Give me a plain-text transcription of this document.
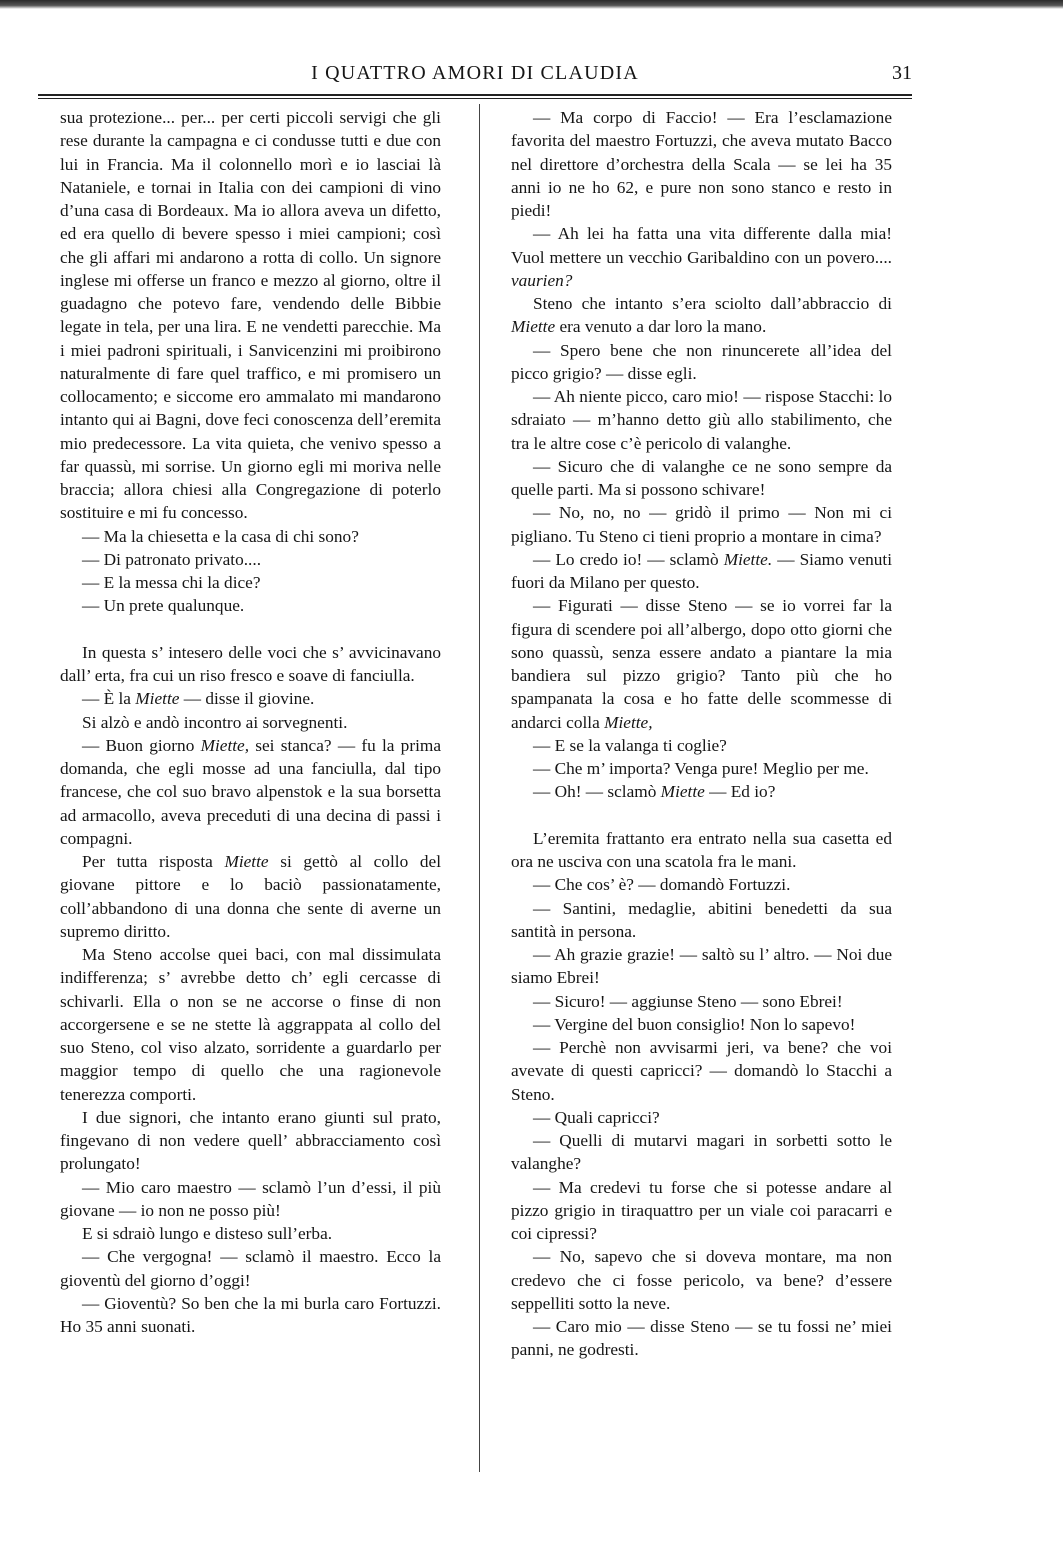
I QUATTRO AMORI DI CLAUDIA	31

sua protezione... per... per certi piccoli servigi che gli rese durante la campagna e ci condusse tutti e due con lui in Francia. Ma il colonnello morì e io lasciai là Nataniele, e tornai in Italia con dei campioni di vino d’una casa di Bordeaux. Ma io allora aveva un difetto, ed era quello di bevere spesso i miei campioni; così che gli affari mi andarono a rotta di collo. Un signore inglese mi offerse un franco e mezzo al giorno, oltre il guadagno che potevo fare, vendendo delle Bibbie legate in tela, per una lira. E ne vendetti parecchie. Ma i miei padroni spirituali, i Sanvicenzini mi proibirono naturalmente di fare quel traffico, e mi promisero un collocamento; e siccome ero ammalato mi mandarono intanto qui ai Bagni, dove feci conoscenza dell’eremita mio predecessore. La vita quieta, che venivo spesso a far quassù, mi sorrise. Un giorno egli mi moriva nelle braccia; allora chiesi alla Congregazione di poterlo sostituire e mi fu concesso.

— Ma la chiesetta e la casa di chi sono?

— Di patronato privato....

— E la messa chi la dice?

— Un prete qualunque.

In questa s’ intesero delle voci che s’ avvicinavano dall’ erta, fra cui un riso fresco e soave di fanciulla.

— È la Miette — disse il giovine.

Si alzò e andò incontro ai sorvegnenti.

— Buon giorno Miette, sei stanca? — fu la prima domanda, che egli mosse ad una fanciulla, dal tipo francese, che col suo bravo alpenstok e la sua borsetta ad armacollo, aveva preceduti di una decina di passi i compagni.

Per tutta risposta Miette si gettò al collo del giovane pittore e lo baciò passionatamente, coll’abbandono di una donna che sente di averne un supremo diritto.

Ma Steno accolse quei baci, con mal dissimulata indifferenza; s’ avrebbe detto ch’ egli cercasse di schivarli. Ella o non se ne accorse o finse di non accorgersene e se ne stette là aggrappata al collo del suo Steno, col viso alzato, sorridente a guardarlo per maggior tempo di quello che una ragionevole tenerezza comporti.

I due signori, che intanto erano giunti sul prato, fingevano di non vedere quell’ abbracciamento così prolungato!

— Mio caro maestro — sclamò l’un d’essi, il più giovane — io non ne posso più!

E si sdraiò lungo e disteso sull’erba.

— Che vergogna! — sclamò il maestro. Ecco la gioventù del giorno d’oggi!

— Gioventù? So ben che la mi burla caro Fortuzzi. Ho 35 anni suonati.

— Ma corpo di Faccio! — Era l’esclamazione favorita del maestro Fortuzzi, che aveva mutato Bacco nel direttore d’orchestra della Scala — se lei ha 35 anni io ne ho 62, e pure non sono stanco e resto in piedi!

— Ah lei ha fatta una vita differente dalla mia! Vuol mettere un vecchio Garibaldino con un povero.... vaurien?

Steno che intanto s’era sciolto dall’abbraccio di Miette era venuto a dar loro la mano.

— Spero bene che non rinuncerete all’idea del picco grigio? — disse egli.

— Ah niente picco, caro mio! — rispose Stacchi: lo sdraiato — m’hanno detto giù allo stabilimento, che tra le altre cose c’è pericolo di valanghe.

— Sicuro che di valanghe ce ne sono sempre da quelle parti. Ma si possono schivare!

— No, no, no — gridò il primo — Non mi ci pigliano. Tu Steno ci tieni proprio a montare in cima?

— Lo credo io! — sclamò Miette. — Siamo venuti fuori da Milano per questo.

— Figurati — disse Steno — se io vorrei far la figura di scendere poi all’albergo, dopo otto giorni che sono quassù, senza essere andato a piantare la mia bandiera sul pizzo grigio? Tanto più che ho spampanata la cosa e ho fatte delle scommesse di andarci colla Miette,

— E se la valanga ti coglie?

— Che m’ importa? Venga pure! Meglio per me.

— Oh! — sclamò Miette — Ed io?

L’eremita frattanto era entrato nella sua casetta ed ora ne usciva con una scatola fra le mani.

— Che cos’ è? — domandò Fortuzzi.

— Santini, medaglie, abitini benedetti da sua santità in persona.

— Ah grazie grazie! — saltò su l’ altro. — Noi due siamo Ebrei!

— Sicuro! — aggiunse Steno — sono Ebrei!

— Vergine del buon consiglio! Non lo sapevo!

— Perchè non avvisarmi jeri, va bene? che voi avevate di questi capricci? — domandò lo Stacchi a Steno.

— Quali capricci?

— Quelli di mutarvi magari in sorbetti sotto le valanghe?

— Ma credevi tu forse che si potesse andare al pizzo grigio in tiraquattro per un viale coi paracarri e coi cipressi?

— No, sapevo che si doveva montare, ma non credevo che ci fosse pericolo, va bene? d’essere seppelliti sotto la neve.

— Caro mio — disse Steno — se tu fossi ne’ miei panni, ne godresti.
